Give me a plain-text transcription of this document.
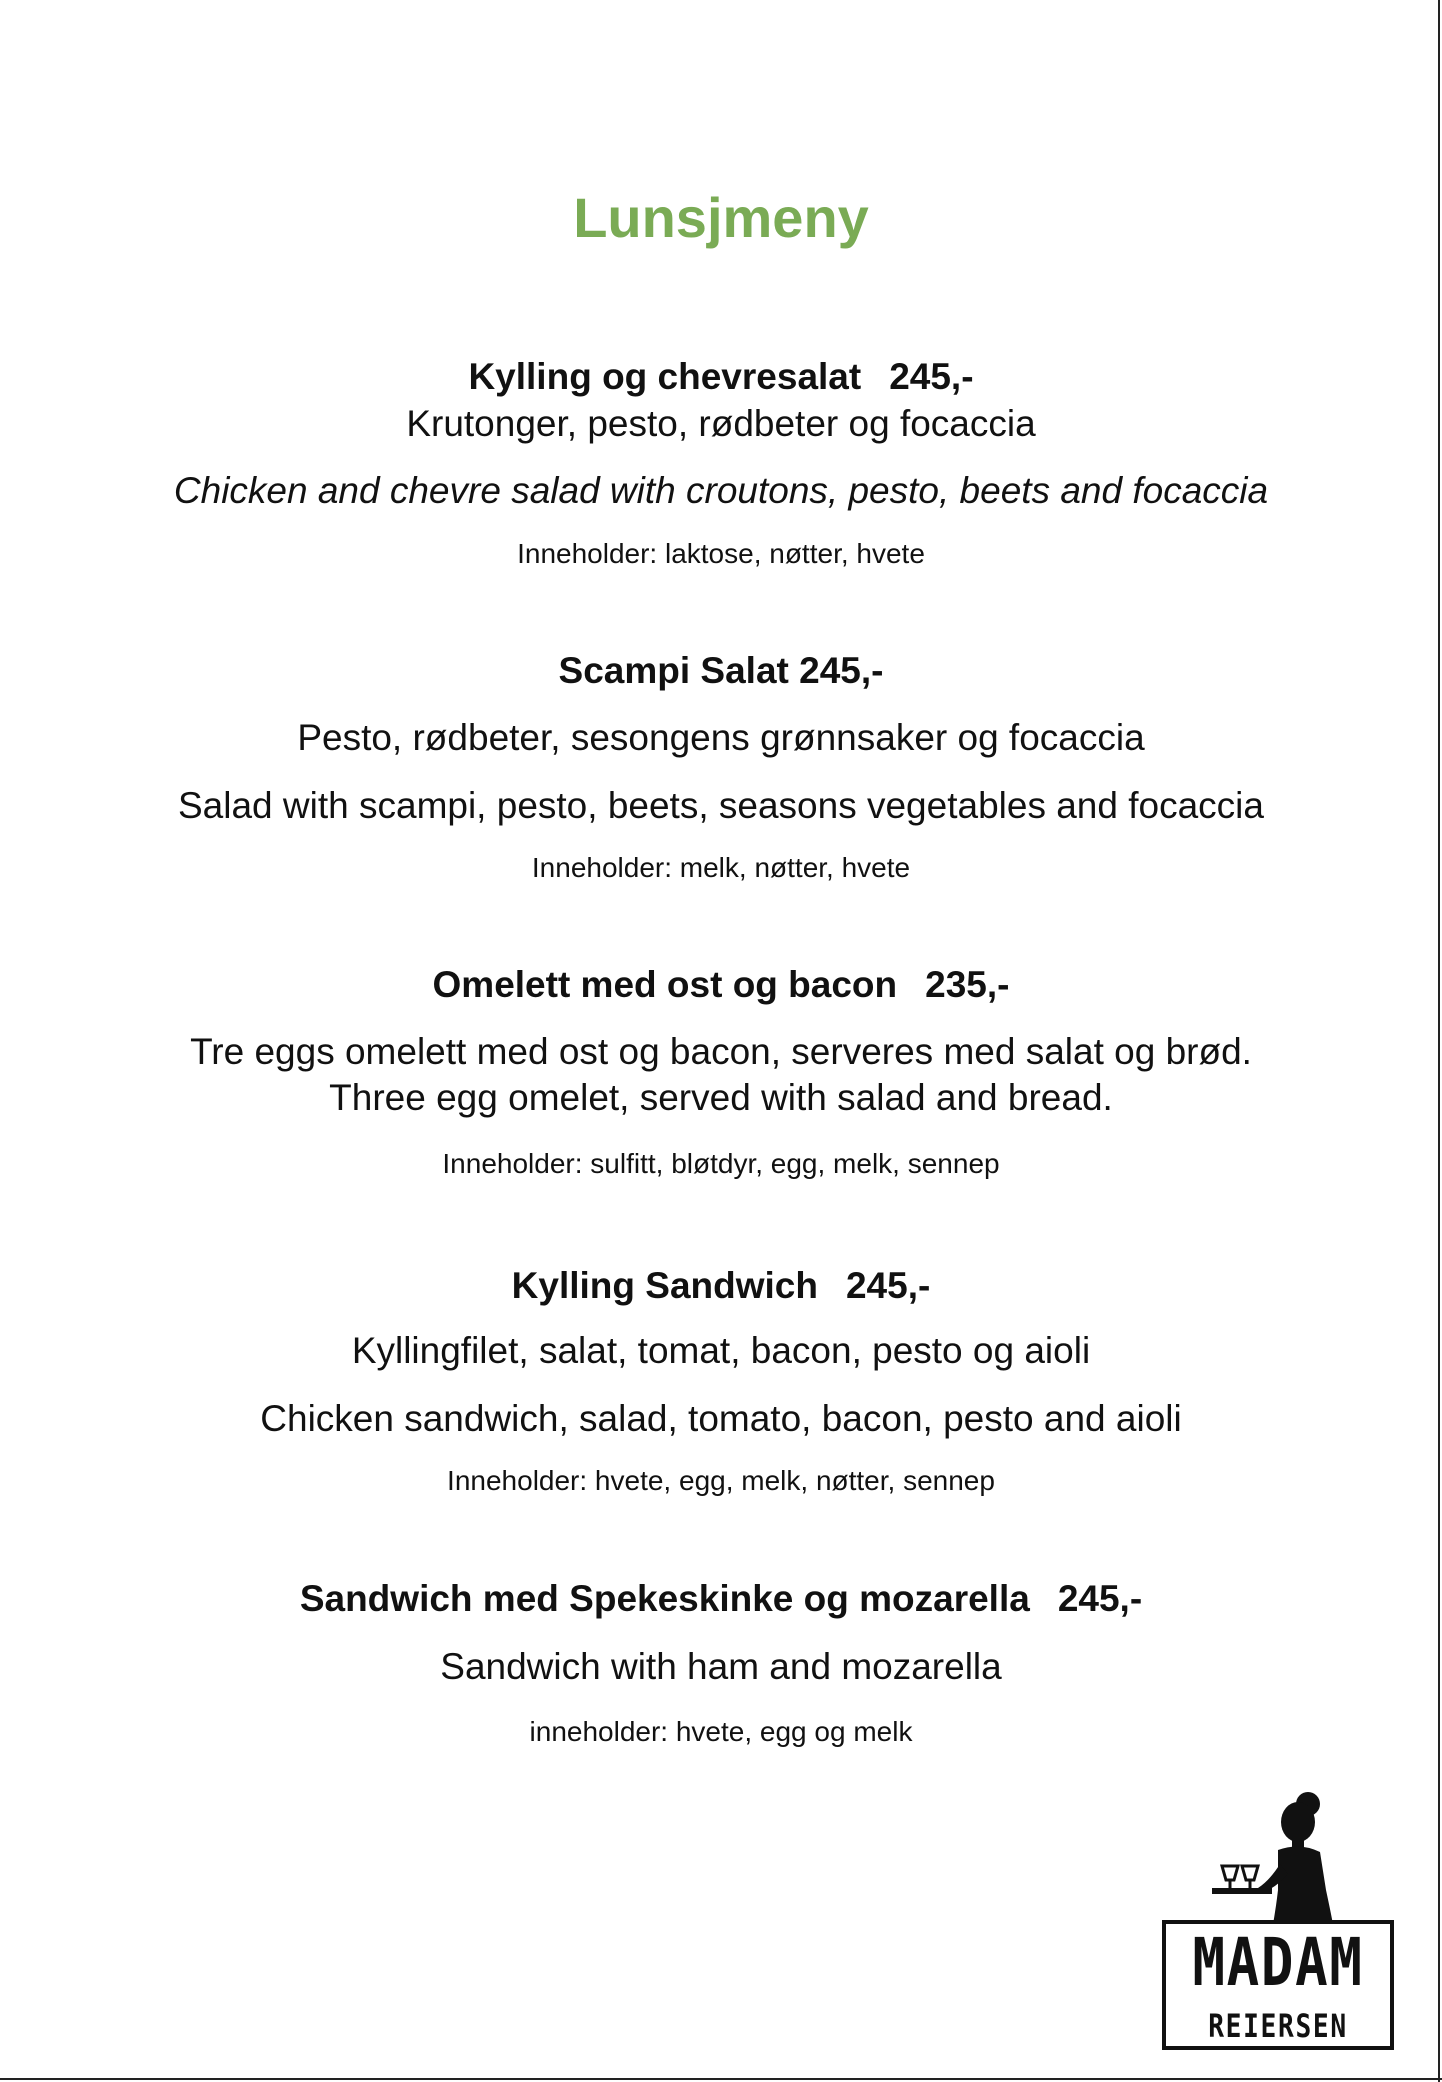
Lunsjmeny

Kylling og chevresalat 245,-

Krutonger, pesto, rødbeter og focaccia

Chicken and chevre salad with croutons, pesto, beets and focaccia

Inneholder: laktose, nøtter, hvete

Scampi Salat 245,-

Pesto, rødbeter, sesongens grønnsaker og focaccia

Salad with scampi, pesto, beets, seasons vegetables and focaccia

Inneholder: melk, nøtter, hvete

Omelett med ost og bacon 235,-

Tre eggs omelett med ost og bacon, serveres med salat og brød.

Three egg omelet, served with salad and bread.

Inneholder: sulfitt, bløtdyr, egg, melk, sennep

Kylling Sandwich 245,-

Kyllingfilet, salat, tomat, bacon, pesto og aioli

Chicken sandwich, salad, tomato, bacon, pesto and aioli

Inneholder: hvete, egg, melk, nøtter, sennep

Sandwich med Spekeskinke og mozarella 245,-

Sandwich with ham and mozarella

inneholder: hvete, egg og melk

MADAM
REIERSEN
